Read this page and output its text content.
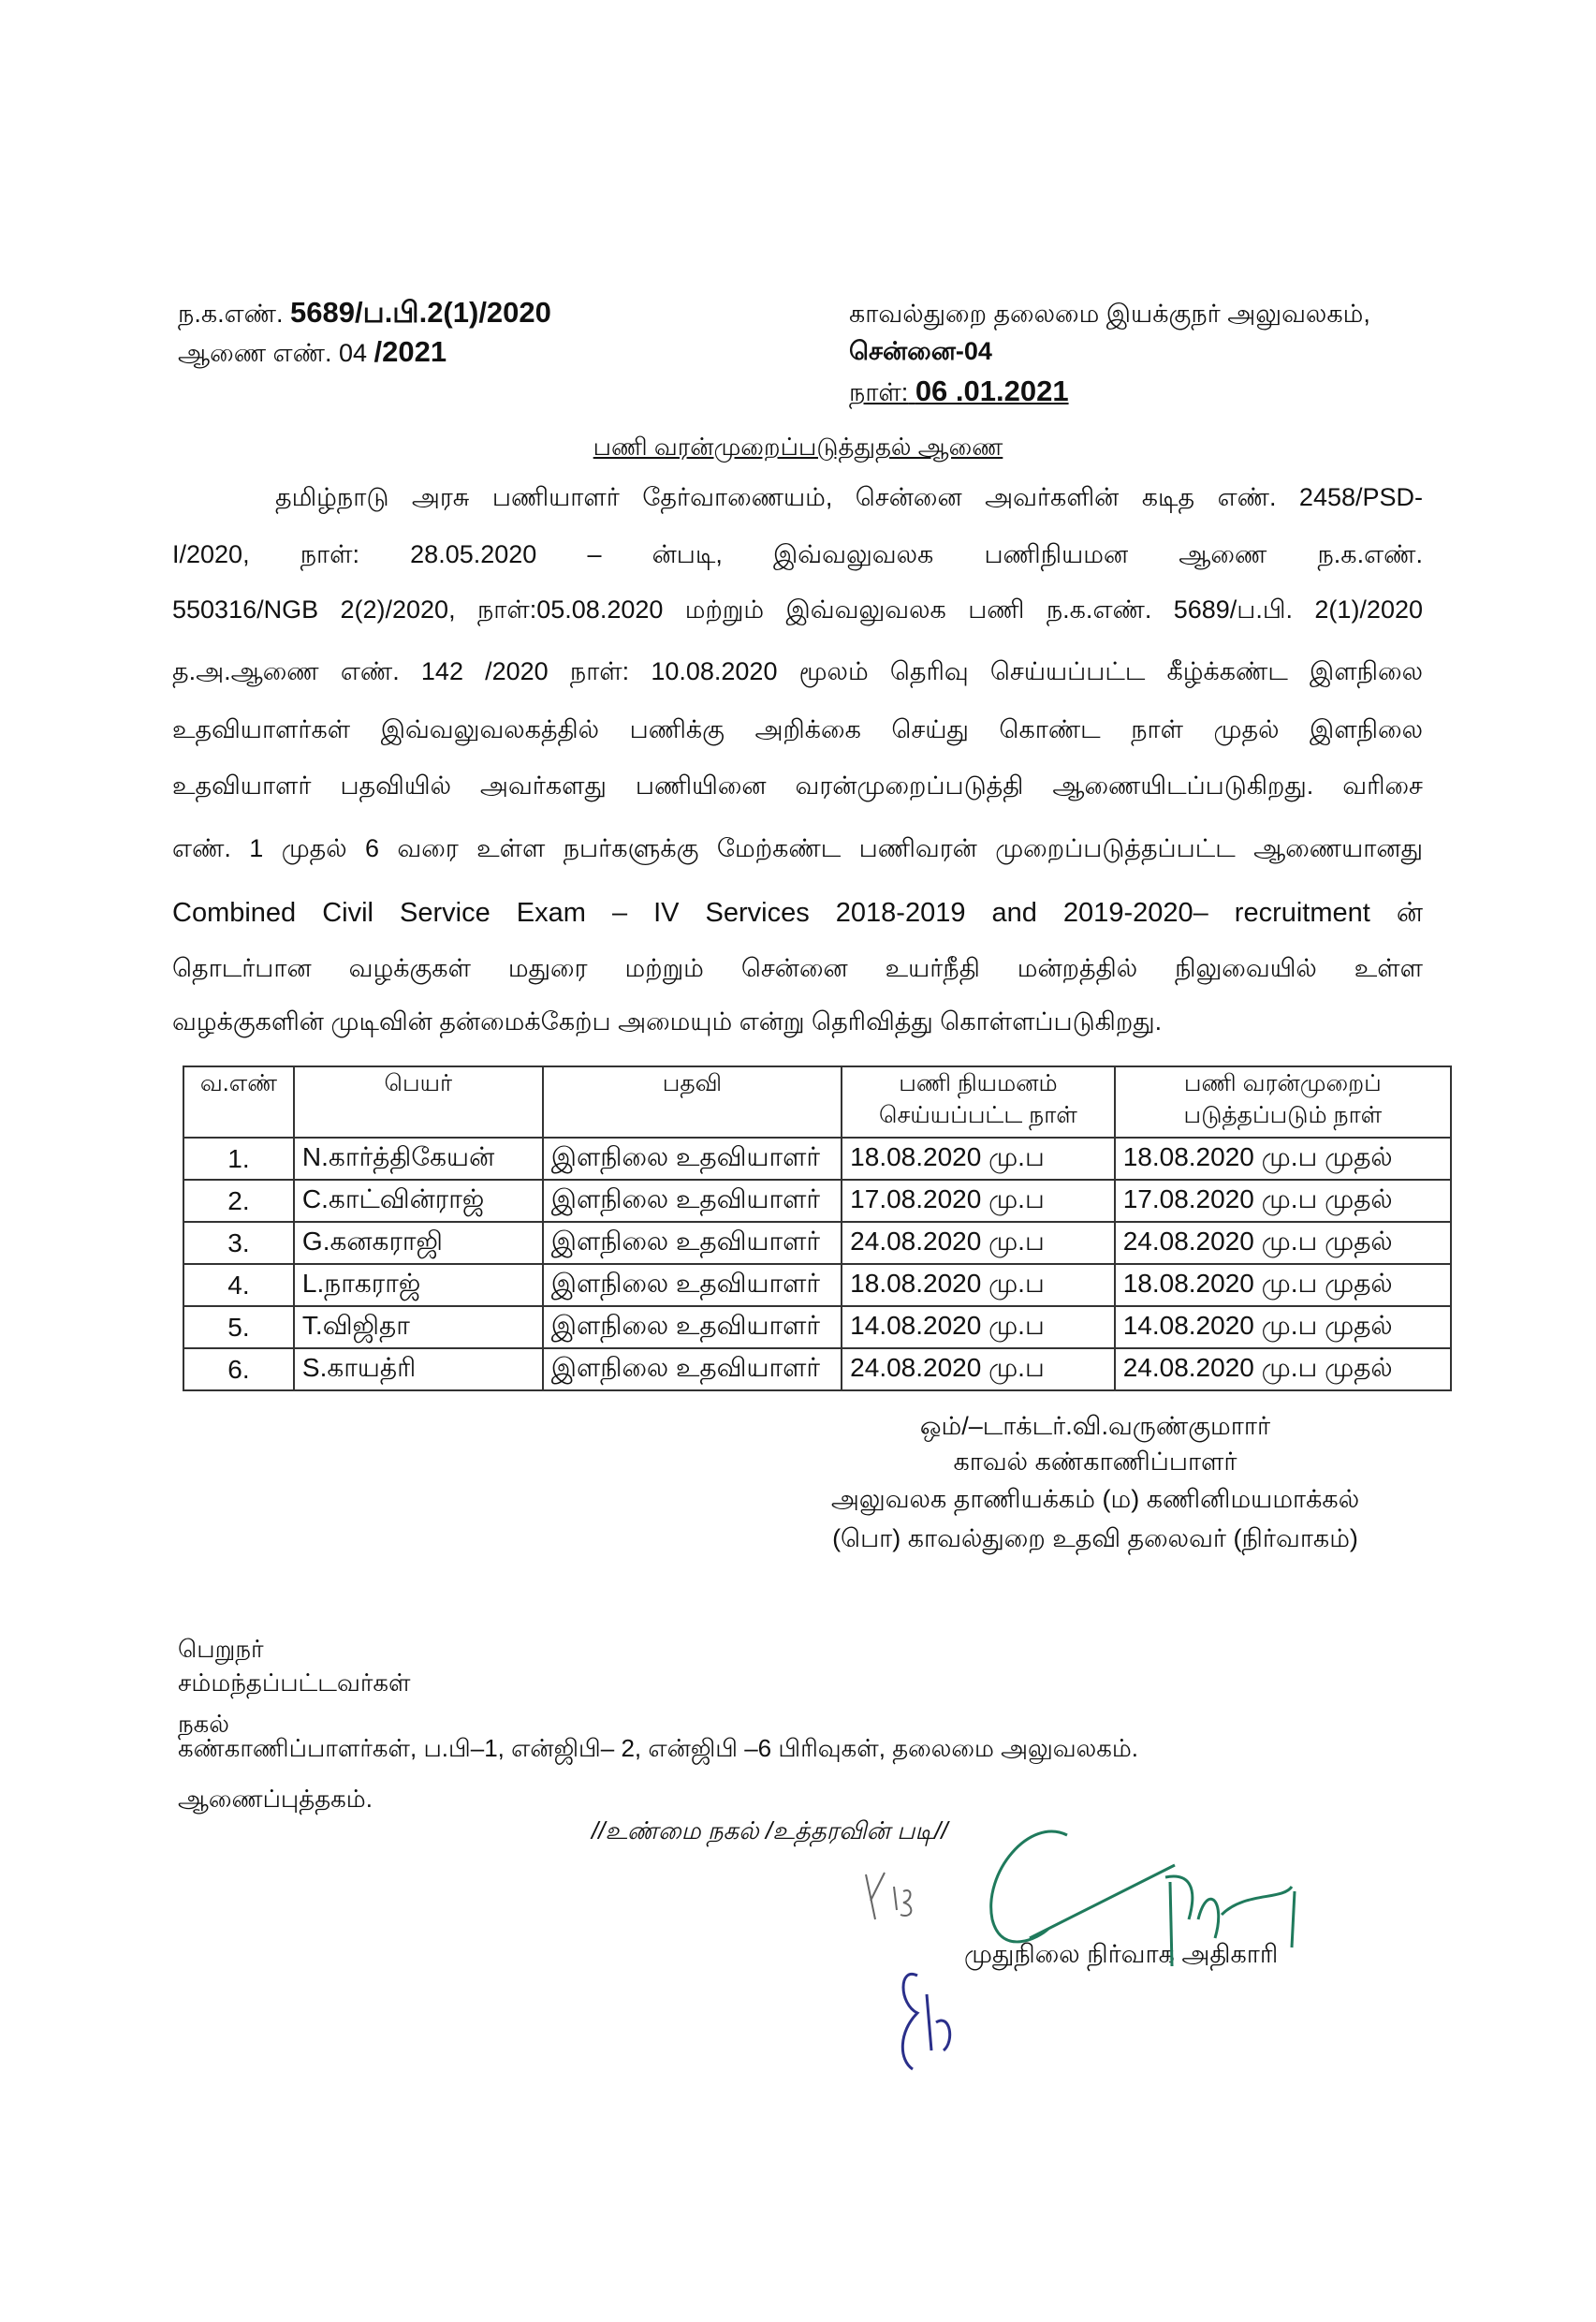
ந.க.எண். 5689/ப.பி.2(1)/2020
ஆணை எண். 04 /2021
காவல்துறை தலைமை இயக்குநர் அலுவலகம்,
சென்னை-04
நாள்: 06 .01.2021
பணி வரன்முறைப்படுத்துதல் ஆணை
தமிழ்நாடு அரசு பணியாளர் தேர்வாணையம், சென்னை அவர்களின் கடித எண். 2458/PSD-
I/2020, நாள்: 28.05.2020 – ன்படி, இவ்வலுவலக பணிநியமன ஆணை ந.க.எண்.
550316/NGB 2(2)/2020, நாள்:05.08.2020 மற்றும் இவ்வலுவலக பணி ந.க.எண். 5689/ப.பி. 2(1)/2020
த.அ.ஆணை எண். 142 /2020 நாள்: 10.08.2020 மூலம் தெரிவு செய்யப்பட்ட கீழ்க்கண்ட இளநிலை
உதவியாளர்கள் இவ்வலுவலகத்தில் பணிக்கு அறிக்கை செய்து கொண்ட நாள் முதல் இளநிலை
உதவியாளர் பதவியில் அவர்களது பணியினை வரன்முறைப்படுத்தி ஆணையிடப்படுகிறது. வரிசை
எண். 1 முதல் 6 வரை உள்ள நபர்களுக்கு மேற்கண்ட பணிவரன் முறைப்படுத்தப்பட்ட ஆணையானது
Combined Civil Service Exam – IV Services 2018-2019 and 2019-2020– recruitment ன்
தொடர்பான வழக்குகள் மதுரை மற்றும் சென்னை உயர்நீதி மன்றத்தில் நிலுவையில் உள்ள
வழக்குகளின் முடிவின் தன்மைக்கேற்ப அமையும் என்று தெரிவித்து கொள்ளப்படுகிறது.
வ.எண்	பெயர்	பதவி	பணி நியமனம் செய்யப்பட்ட நாள்	பணி வரன்முறைப் படுத்தப்படும் நாள்
1.	N.கார்த்திகேயன்	இளநிலை உதவியாளர்	18.08.2020 மு.ப	18.08.2020 மு.ப முதல்
2.	C.காட்வின்ராஜ்	இளநிலை உதவியாளர்	17.08.2020 மு.ப	17.08.2020 மு.ப முதல்
3.	G.கனகராஜி	இளநிலை உதவியாளர்	24.08.2020 மு.ப	24.08.2020 மு.ப முதல்
4.	L.நாகராஜ்	இளநிலை உதவியாளர்	18.08.2020 மு.ப	18.08.2020 மு.ப முதல்
5.	T.விஜிதா	இளநிலை உதவியாளர்	14.08.2020 மு.ப	14.08.2020 மு.ப முதல்
6.	S.காயத்ரி	இளநிலை உதவியாளர்	24.08.2020 மு.ப	24.08.2020 மு.ப முதல்
ஒம்/–டாக்டர்.வி.வருண்குமாார்
காவல் கண்காணிப்பாளர்
அலுவலக தாணியக்கம் (ம) கணினிமயமாக்கல்
(பொ) காவல்துறை உதவி தலைவர் (நிர்வாகம்)
பெறுநர்
சம்மந்தப்பட்டவர்கள்
நகல்
கண்காணிப்பாளர்கள், ப.பி–1, என்ஜிபி– 2, என்ஜிபி –6 பிரிவுகள், தலைமை அலுவலகம்.
ஆணைப்புத்தகம்.
//உண்மை நகல் /உத்தரவின் படி//
முதுநிலை நிர்வாக அதிகாரி
